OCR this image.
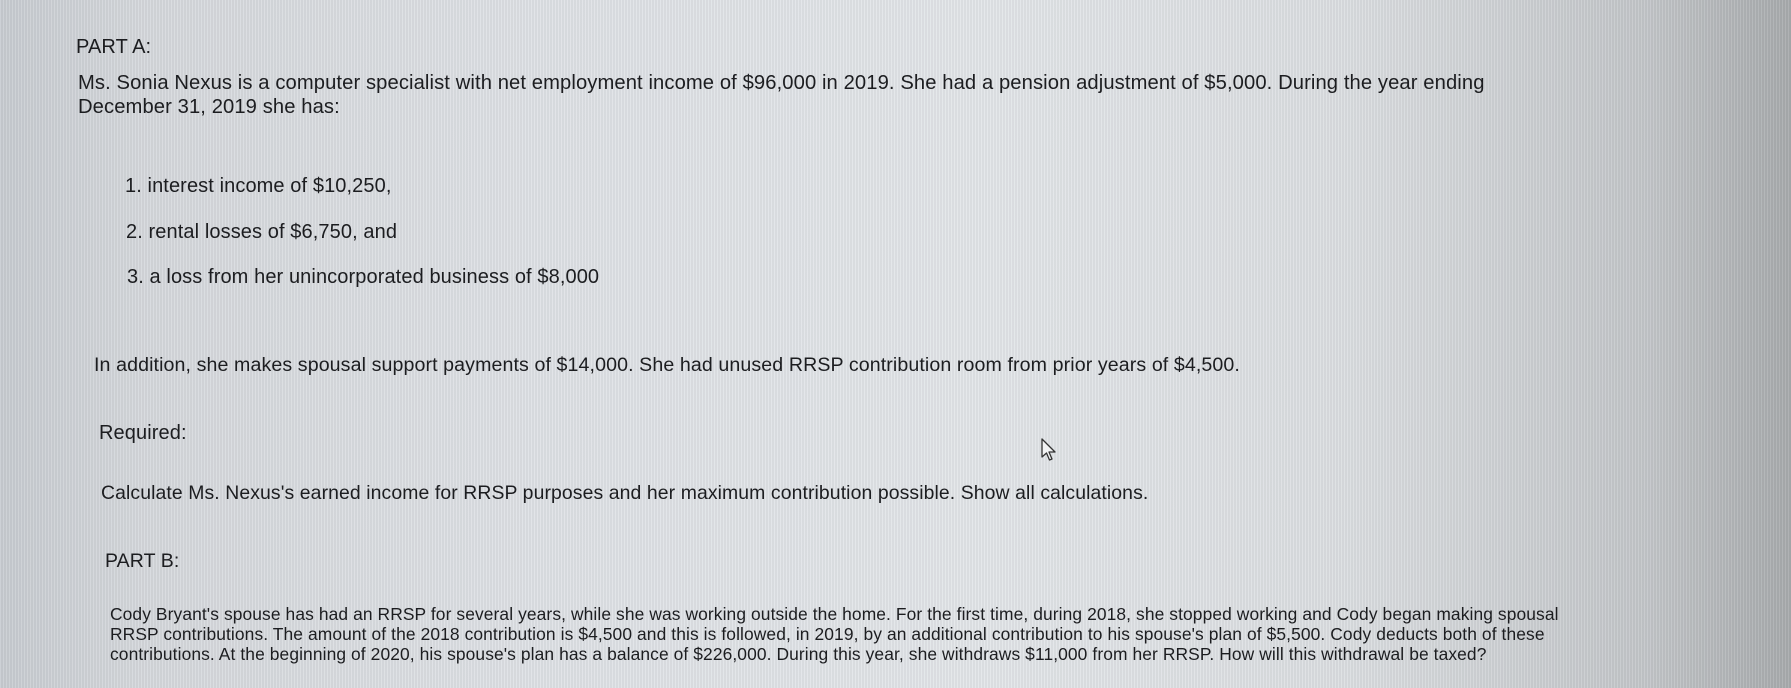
PART A:
Ms. Sonia Nexus is a computer specialist with net employment income of $96,000 in 2019. She had a pension adjustment of $5,000. During the year ending
December 31, 2019 she has:
1. interest income of $10,250,
2. rental losses of $6,750, and
3. a loss from her unincorporated business of $8,000
In addition, she makes spousal support payments of $14,000. She had unused RRSP contribution room from prior years of $4,500.
Required:
Calculate Ms. Nexus's earned income for RRSP purposes and her maximum contribution possible. Show all calculations.
PART B:
Cody Bryant's spouse has had an RRSP for several years, while she was working outside the home. For the first time, during 2018, she stopped working and Cody began making spousal
RRSP contributions. The amount of the 2018 contribution is $4,500 and this is followed, in 2019, by an additional contribution to his spouse's plan of $5,500. Cody deducts both of these
contributions. At the beginning of 2020, his spouse's plan has a balance of $226,000. During this year, she withdraws $11,000 from her RRSP. How will this withdrawal be taxed?
